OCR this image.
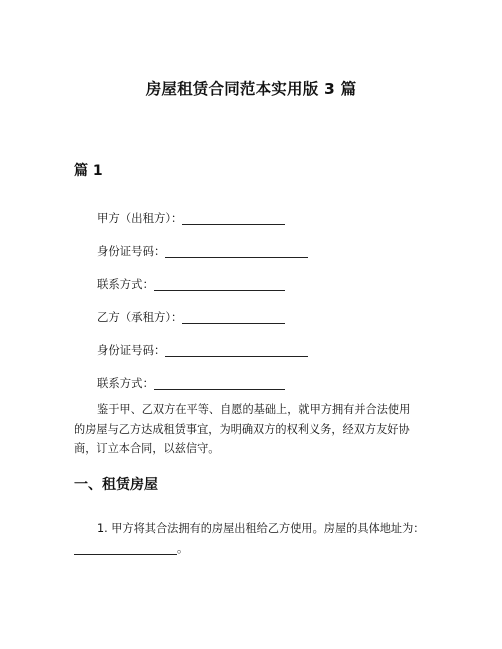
房屋租赁合同范本实用版 3 篇
篇 1
甲方（出租方）：
身份证号码：
联系方式：
乙方（承租方）：
身份证号码：
联系方式：
鉴于甲、乙双方在平等、自愿的基础上，就甲方拥有并合法使用
的房屋与乙方达成租赁事宜，为明确双方的权利义务，经双方友好协
商，订立本合同，以兹信守。
一、租赁房屋
1. 甲方将其合法拥有的房屋出租给乙方使用。房屋的具体地址为：
。
